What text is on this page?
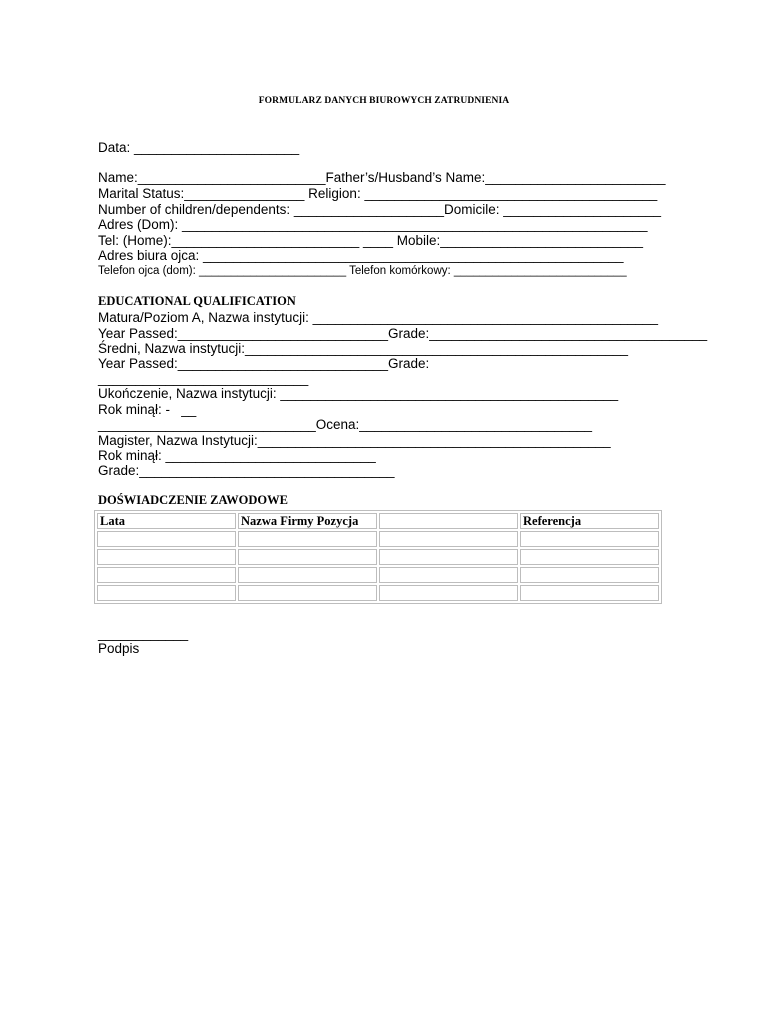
FORMULARZ DANYCH BIUROWYCH ZATRUDNIENIA
Data: ______________________
Name:_________________________Father’s/Husband’s Name:________________________
Marital Status:________________ Religion: _______________________________________
Number of children/dependents: ____________________Domicile: _____________________
Adres (Dom): ______________________________________________________________
Tel: (Home):_________________________ ____ Mobile:___________________________
Adres biura ojca: ________________________________________________________
Telefon ojca (dom): _______________________ Telefon komórkowy: ___________________________
EDUCATIONAL QUALIFICATION
Matura/Poziom A, Nazwa instytucji: ______________________________________________
Year Passed:____________________________Grade:_____________________________________
Średni, Nazwa instytucji:___________________________________________________
Year Passed:____________________________Grade:
____________________________
Ukończenie, Nazwa instytucji: _____________________________________________
Rok minął: -   __
_____________________________Ocena:_______________________________
Magister, Nazwa Instytucji:_______________________________________________
Rok minął: ____________________________
Grade:__________________________________
DOŚWIADCZENIE ZAWODOWE
Lata	Nazwa Firmy Pozycja		Referencja

____________
Podpis
